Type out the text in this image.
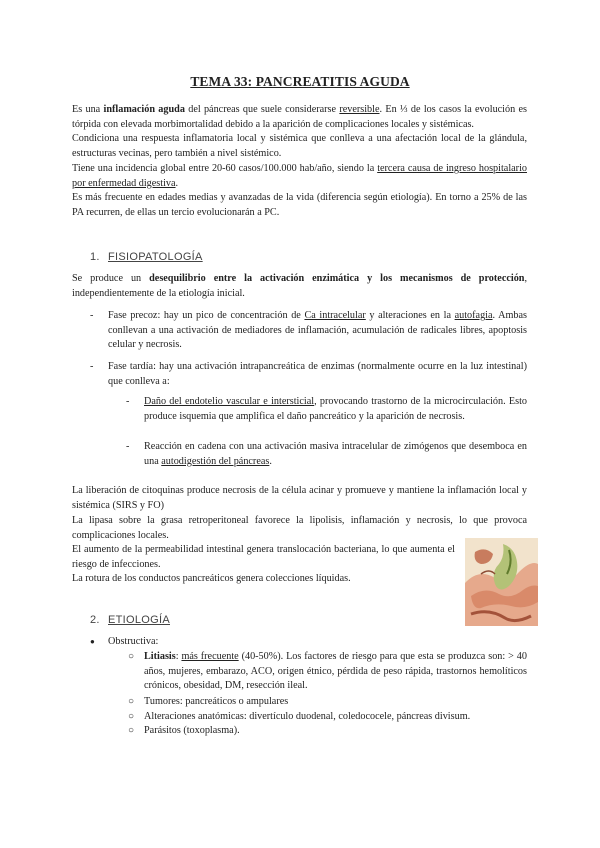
TEMA 33: PANCREATITIS AGUDA
Es una inflamación aguda del páncreas que suele considerarse reversible. En ⅓ de los casos la evolución es tórpida con elevada morbimortalidad debido a la aparición de complicaciones locales y sistémicas.
Condiciona una respuesta inflamatoria local y sistémica que conlleva a una afectación local de la glándula, estructuras vecinas, pero también a nivel sistémico.
Tiene una incidencia global entre 20-60 casos/100.000 hab/año, siendo la tercera causa de ingreso hospitalario por enfermedad digestiva.
Es más frecuente en edades medias y avanzadas de la vida (diferencia según etiología). En torno a 25% de las PA recurren, de ellas un tercio evolucionarán a PC.
1. FISIOPATOLOGÍA
Se produce un desequilibrio entre la activación enzimática y los mecanismos de protección, independientemente de la etiología inicial.
- Fase precoz: hay un pico de concentración de Ca intracelular y alteraciones en la autofagia. Ambas conllevan a una activación de mediadores de inflamación, acumulación de radicales libres, apoptosis celular y necrosis.
- Fase tardía: hay una activación intrapancreática de enzimas (normalmente ocurre en la luz intestinal) que conlleva a:
- Daño del endotelio vascular e intersticial, provocando trastorno de la microcirculación. Esto produce isquemia que amplifica el daño pancreático y la aparición de necrosis.
- Reacción en cadena con una activación masiva intracelular de zimógenos que desemboca en una autodigestión del páncreas.
La liberación de citoquinas produce necrosis de la célula acinar y promueve y mantiene la inflamación local y sistémica (SIRS y FO)
La lipasa sobre la grasa retroperitoneal favorece la lipolisis, inflamación y necrosis, lo que provoca complicaciones locales.
El aumento de la permeabilidad intestinal genera translocación bacteriana, lo que aumenta el riesgo de infecciones.
La rotura de los conductos pancreáticos genera colecciones líquidas.
2. ETIOLOGÍA
● Obstructiva:
○ Litiasis: más frecuente (40-50%). Los factores de riesgo para que esta se produzca son: > 40 años, mujeres, embarazo, ACO, origen étnico, pérdida de peso rápida, trastornos hemolíticos crónicos, obesidad, DM, resección ileal.
○ Tumores: pancreáticos o ampulares
○ Alteraciones anatómicas: divertículo duodenal, coledococele, páncreas divisum.
○ Parásitos (toxoplasma).
